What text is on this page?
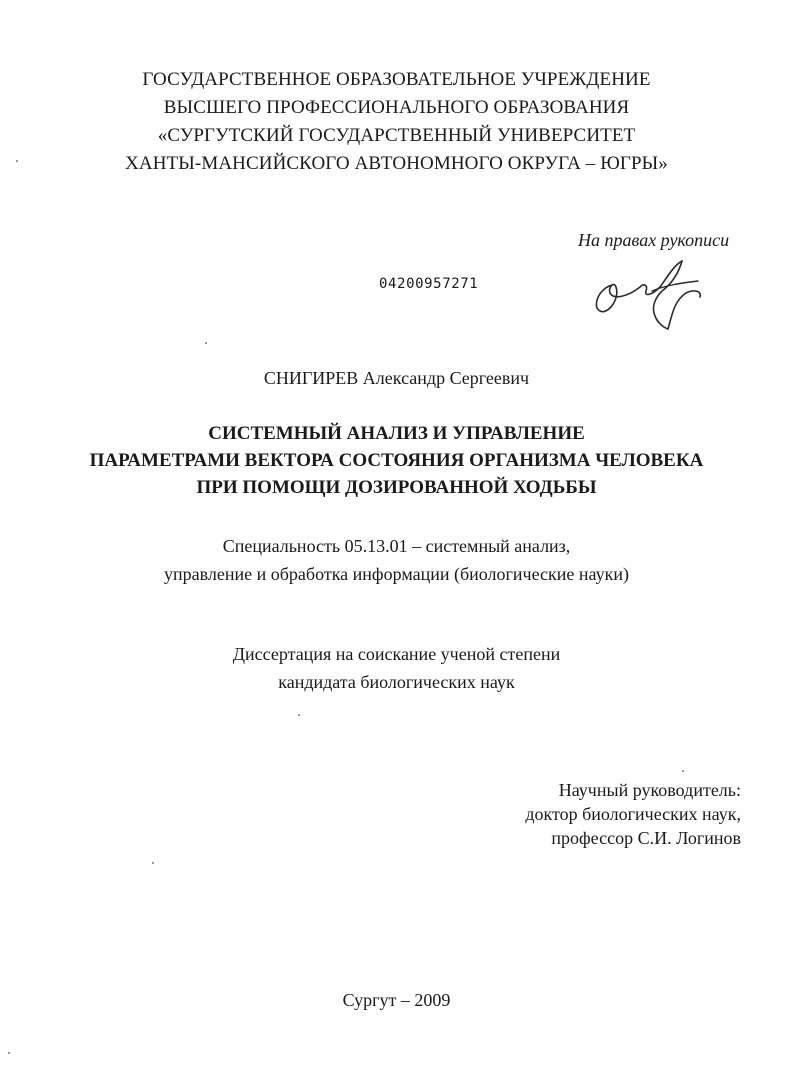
ГОСУДАРСТВЕННОЕ ОБРАЗОВАТЕЛЬНОЕ УЧРЕЖДЕНИЕ
ВЫСШЕГО ПРОФЕССИОНАЛЬНОГО ОБРАЗОВАНИЯ
«СУРГУТСКИЙ ГОСУДАРСТВЕННЫЙ УНИВЕРСИТЕТ
ХАНТЫ-МАНСИЙСКОГО АВТОНОМНОГО ОКРУГА – ЮГРЫ»
На правах рукописи
04200957271
СНИГИРЕВ Александр Сергеевич
СИСТЕМНЫЙ АНАЛИЗ И УПРАВЛЕНИЕ
ПАРАМЕТРАМИ ВЕКТОРА СОСТОЯНИЯ ОРГАНИЗМА ЧЕЛОВЕКА
ПРИ ПОМОЩИ ДОЗИРОВАННОЙ ХОДЬБЫ
Специальность 05.13.01 – системный анализ,
управление и обработка информации (биологические науки)
Диссертация на соискание ученой степени
кандидата биологических наук
Научный руководитель:
доктор биологических наук,
профессор С.И. Логинов
Сургут – 2009
